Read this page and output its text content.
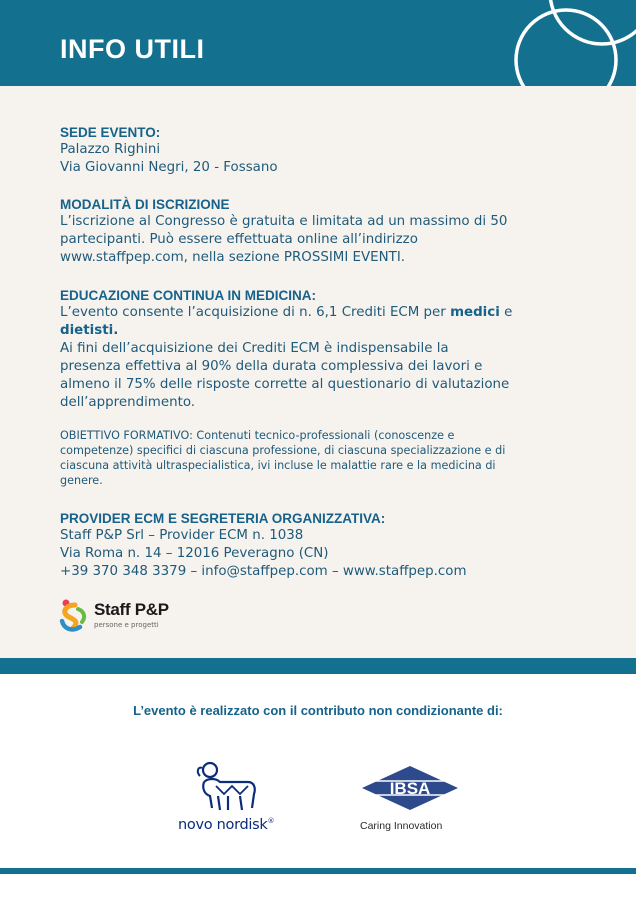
INFO UTILI
SEDE EVENTO:

Palazzo Righini

Via Giovanni Negri, 20 - Fossano

MODALITÀ DI ISCRIZIONE

L’iscrizione al Congresso è gratuita e limitata ad un massimo di 50

partecipanti. Può essere effettuata online all’indirizzo

www.staffpep.com, nella sezione PROSSIMI EVENTI.

EDUCAZIONE CONTINUA IN MEDICINA:

L’evento consente l’acquisizione di n. 6,1 Crediti ECM per medici e

dietisti.

Ai fini dell’acquisizione dei Crediti ECM è indispensabile la

presenza effettiva al 90% della durata complessiva dei lavori e

almeno il 75% delle risposte corrette al questionario di valutazione

dell’apprendimento.

OBIETTIVO FORMATIVO: Contenuti tecnico-professionali (conoscenze e
competenze) specifici di ciascuna professione, di ciascuna specializzazione e di
ciascuna attività ultraspecialistica, ivi incluse le malattie rare e la medicina di
genere.
PROVIDER ECM E SEGRETERIA ORGANIZZATIVA:

Staff P&P Srl – Provider ECM n. 1038

Via Roma n. 14 – 12016 Peveragno (CN)

+39 370 348 3379 – info@staffpep.com – www.staffpep.com

Staff P&P
persone e progetti
L’evento è realizzato con il contributo non condizionante di:
novo nordisk®
IBSA
Caring Innovation
